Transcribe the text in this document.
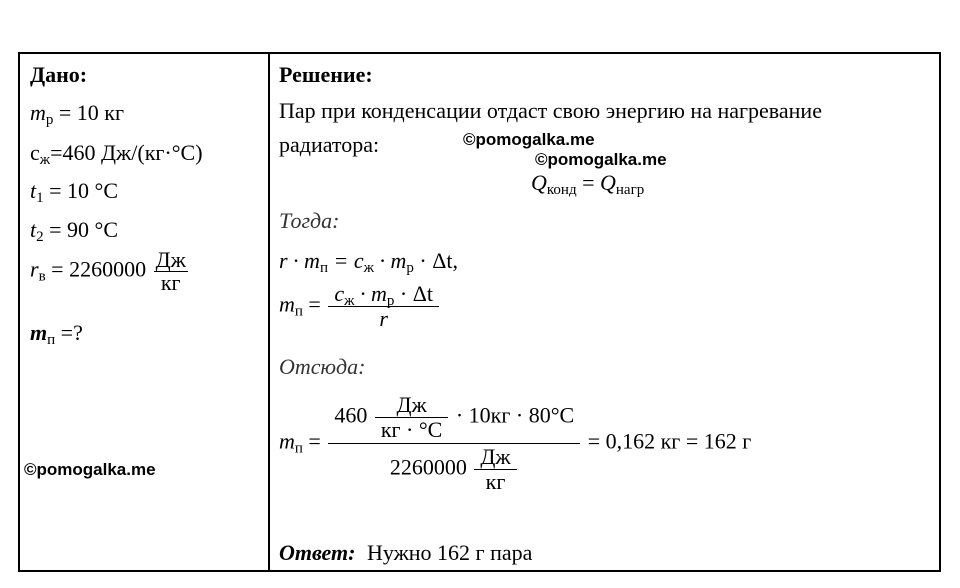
Дано:
$m_р = 10$ кг
$c_ж=460$ Дж/(кг·°C)
$t_1 = 10$ °C
$t_2 = 90$ °C
$r_в = 2260000 \frac{Дж}{кг}$
$m_п$ =?
©pomogalka.me
Решение:
Пар при конденсации отдаст свою энергию на нагревание
радиатора:	©pomogalka.me
©pomogalka.me
$Q_{конд} = Q_{нагр}$
Тогда:
$r \cdot m_п = c_ж \cdot m_р \cdot \Delta t$,
$m_п = \frac{c_ж \cdot m_р \cdot \Delta t}{r}$
Отсюда:
$m_п$ =
$460 \frac{Дж}{кг \cdot ^\circ C} \cdot 10кг \cdot 80^\circ C$
$2260000 \frac{Дж}{кг}$
= 0,162 кг = 162 г
Ответ: Нужно 162 г пара
